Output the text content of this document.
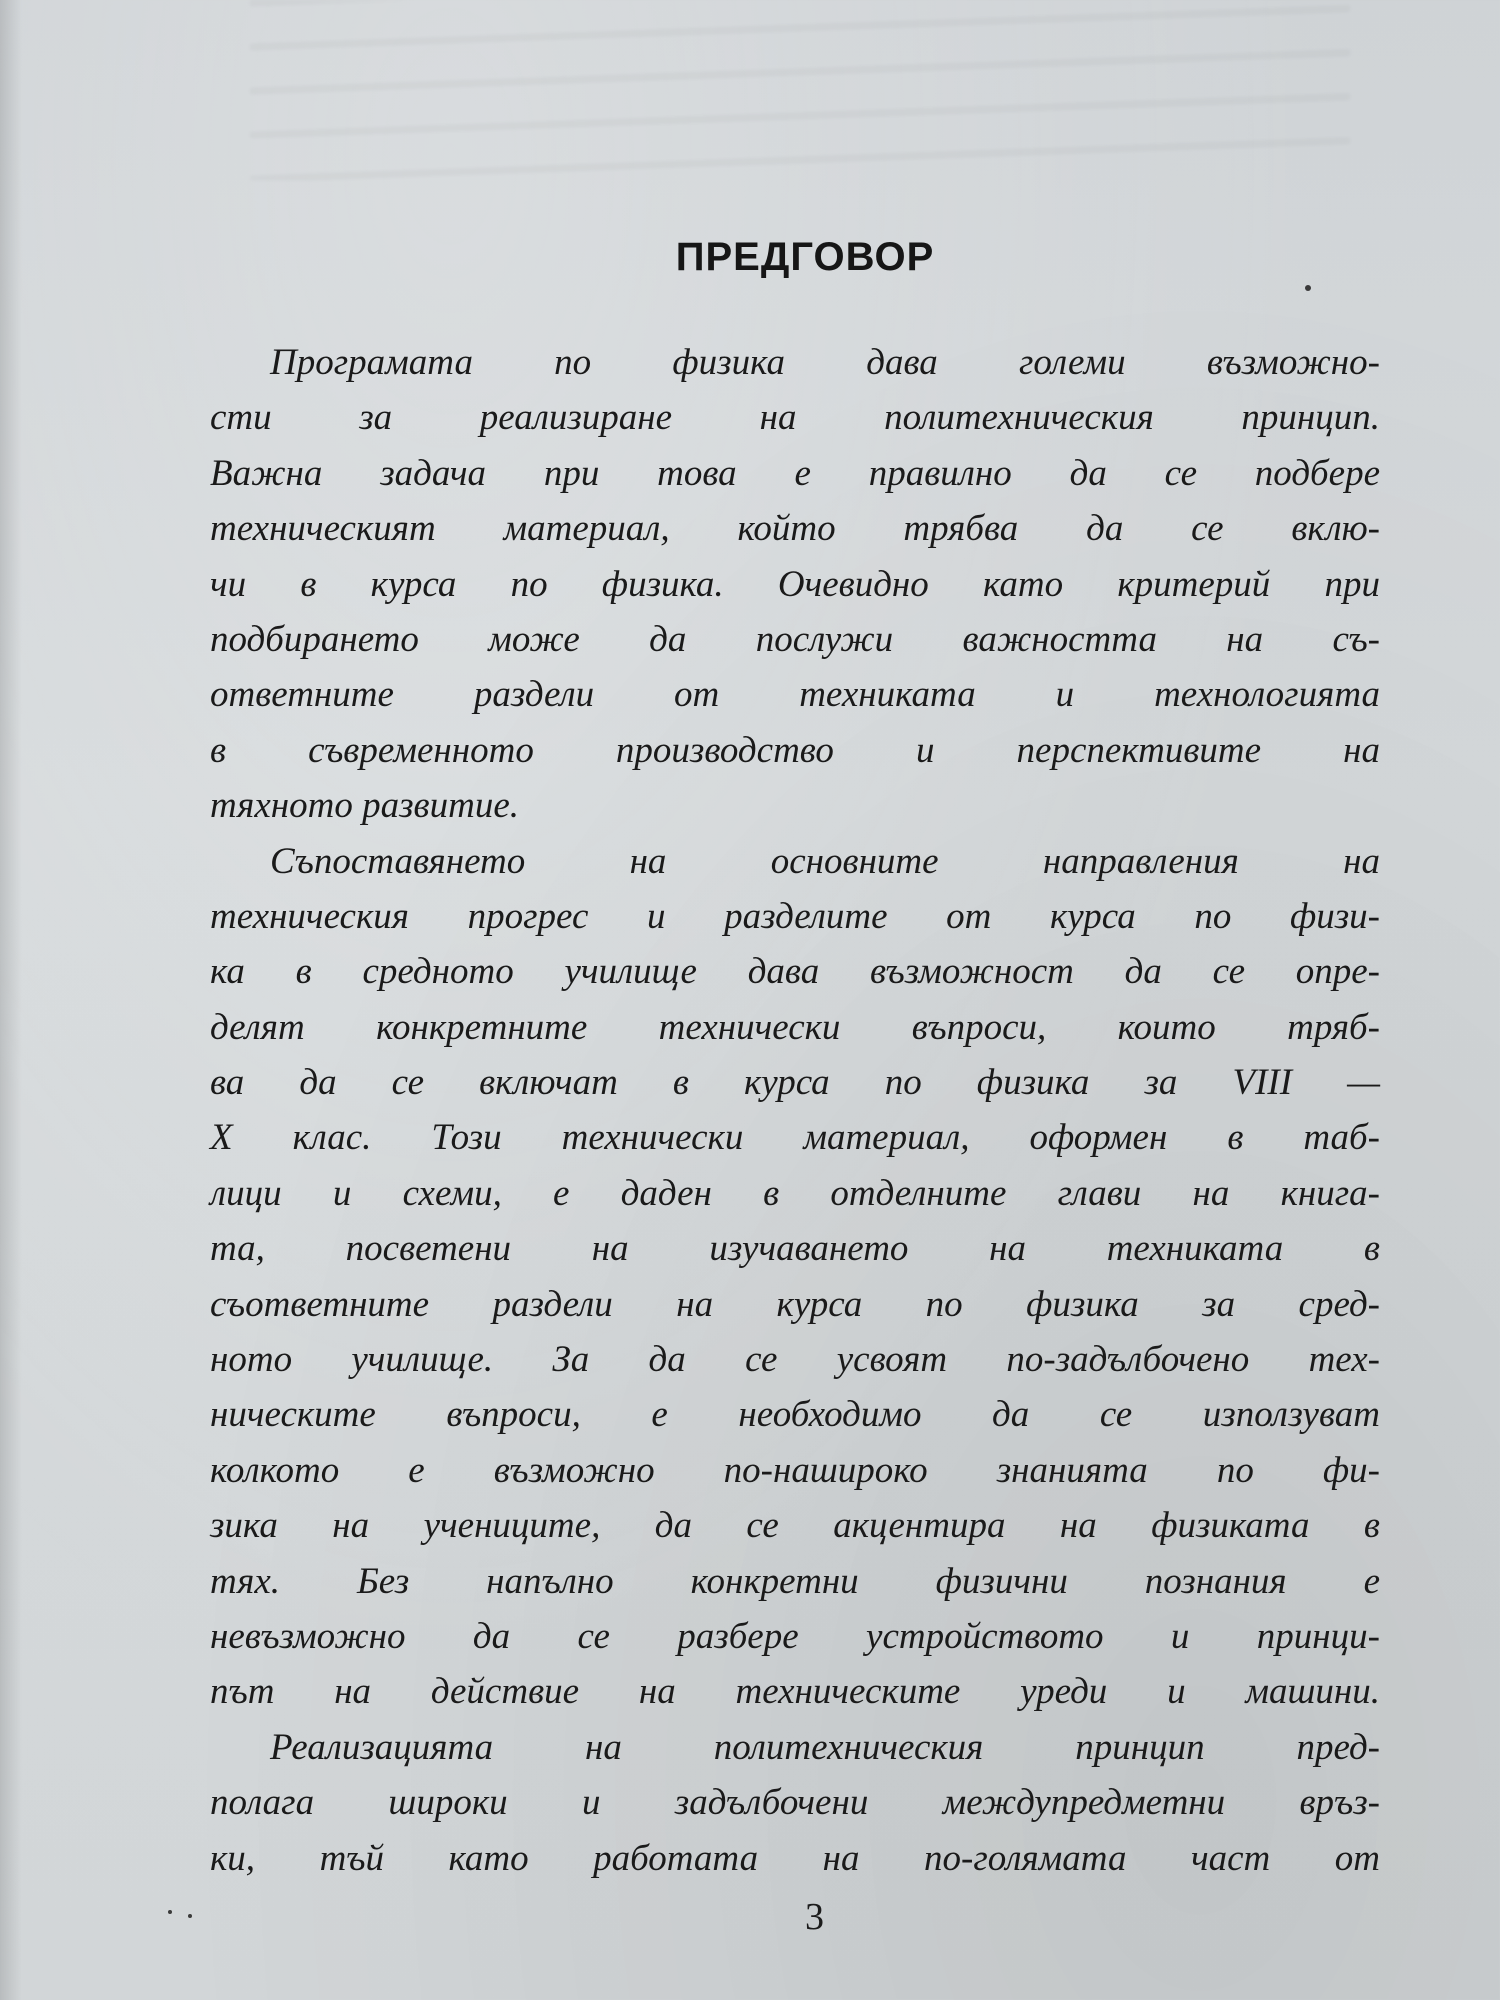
ПРЕДГОВОР
Програмата по физика дава големи възможно-
сти за реализиране на политехническия принцип.
Важна задача при това е правилно да се подбере
техническият материал, който трябва да се вклю-
чи в курса по физика. Очевидно като критерий при
подбирането може да послужи важността на съ-
ответните раздели от техниката и технологията
в съвременното производство и перспективите на
тяхното развитие.
Съпоставянето на основните направления на
техническия прогрес и разделите от курса по физи-
ка в средното училище дава възможност да се опре-
делят конкретните технически въпроси, които тряб-
ва да се включат в курса по физика за VIII —
X клас. Този технически материал, оформен в таб-
лици и схеми, е даден в отделните глави на книга-
та, посветени на изучаването на техниката в
съответните раздели на курса по физика за сред-
ното училище. За да се усвоят по-задълбочено тех-
ническите въпроси, е необходимо да се използуват
колкото е възможно по-нашироко знанията по фи-
зика на учениците, да се акцентира на физиката в
тях. Без напълно конкретни физични познания е
невъзможно да се разбере устройството и принци-
път на действие на техническите уреди и машини.
Реализацията на политехническия принцип пред-
полага широки и задълбочени междупредметни връз-
ки, тъй като работата на по-голямата част от
3
